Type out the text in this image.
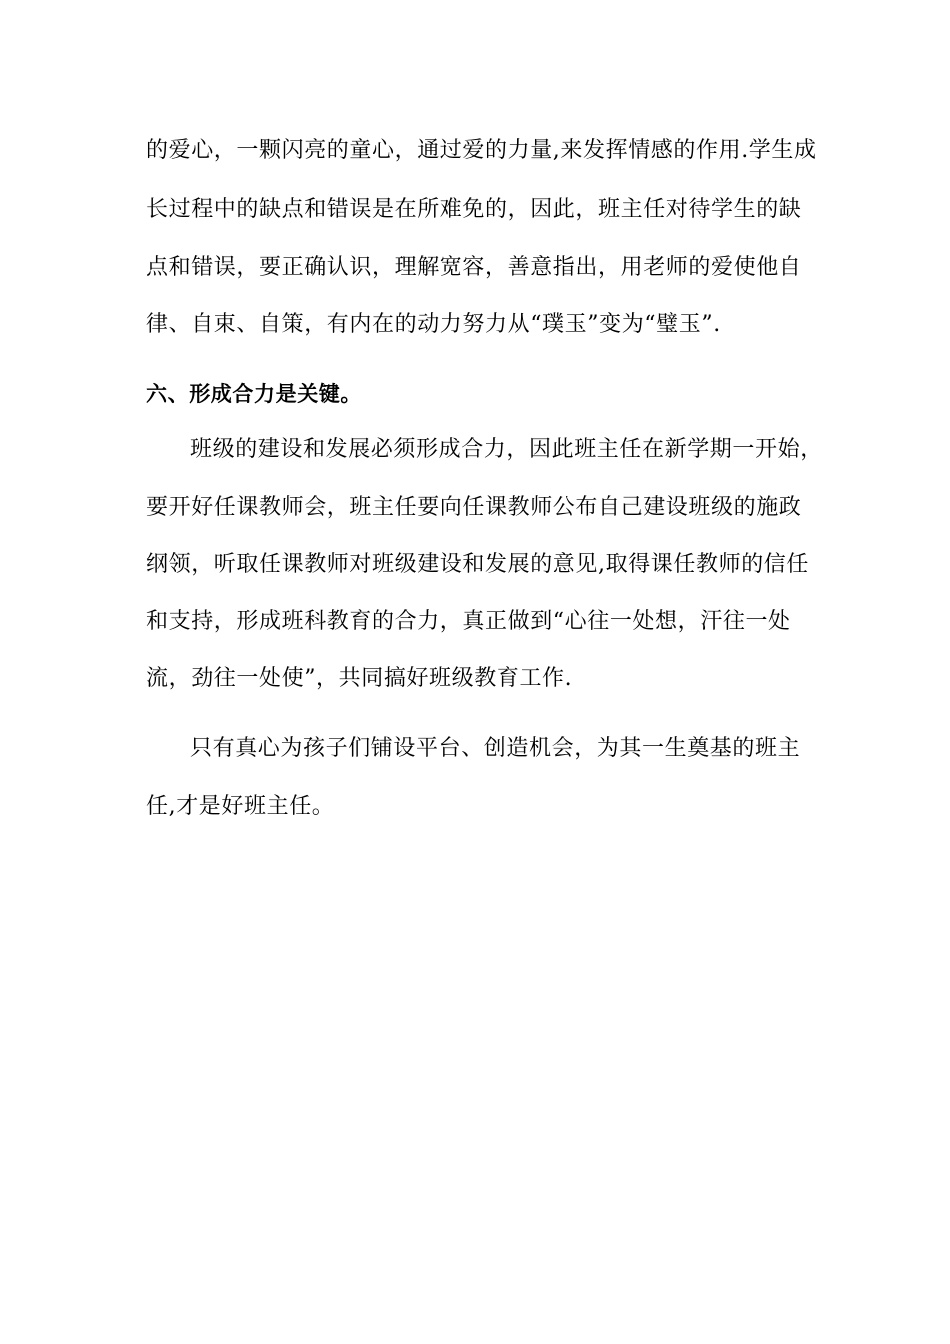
的爱心，一颗闪亮的童心，通过爱的力量,来发挥情感的作用.学生成
长过程中的缺点和错误是在所难免的，因此，班主任对待学生的缺
点和错误，要正确认识，理解宽容，善意指出，用老师的爱使他自
律、自束、自策，有内在的动力努力从“璞玉”变为“璧玉”.
六、形成合力是关键。
班级的建设和发展必须形成合力，因此班主任在新学期一开始，
要开好任课教师会，班主任要向任课教师公布自己建设班级的施政
纲领，听取任课教师对班级建设和发展的意见,取得课任教师的信任
和支持，形成班科教育的合力，真正做到“心往一处想，汗往一处
流，劲往一处使”，共同搞好班级教育工作.
只有真心为孩子们铺设平台、创造机会，为其一生奠基的班主
任,才是好班主任。
